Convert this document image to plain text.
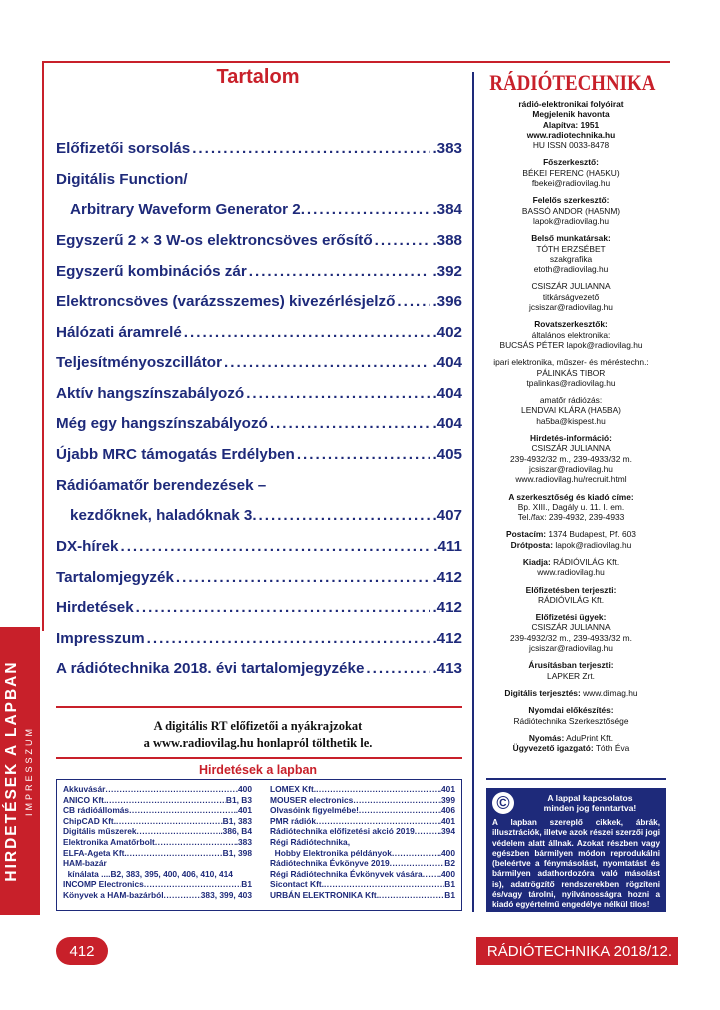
HIRDETÉSEK A LAPBAN IMPRESSZUM
Tartalom
Előfizetői sorsolás .....	.383
Digitális Function/
Arbitrary Waveform Generator 2. .....	.384
Egyszerű 2 × 3 W-os elektroncsöves erősítő .....	.388
Egyszerű kombinációs zár .....	.392
Elektroncsöves (varázsszemes) kivezérlésjelző ..... .396
Hálózati áramrelé .....	.402
Teljesítményoszcillátor .....	.404
Aktív hangszínszabályozó .....	.404
Még egy hangszínszabályozó .....	.404
Újabb MRC támogatás Erdélyben .....	.405
Rádióamatőr berendezések –
kezdőknek, haladóknak 3. .....	.407
DX-hírek .....	.411
Tartalomjegyzék .....	.412
Hirdetések .....	.412
Impresszum .....	.412
A rádiótechnika 2018. évi tartalomjegyzéke .....	.413
A digitális RT előfizetői a nyákrajzokat
a www.radiovilag.hu honlapról tölthetik le.
Hirdetések a lapban
Akkuvásár .....	.400
ANICO Kft. .....	B1, B3
CB rádióállomás .....	.401
ChipCAD Kft. .....	B1, 383
Digitális műszerek .....	.386, B4
Elektronika Amatőrbolt .....	.383
ELFA-Ageta Kft. .....	B1, 398
HAM-bazár
kínálata ....B2, 383, 395, 400, 406, 410, 414
INCOMP Electronics .....	B1
Könyvek a HAM-bazárból .....	383, 399, 403
LOMEX Kft. .....	.401
MOUSER electronics .....	.399
Olvasóink figyelmébe! .....	.406
PMR rádiók .....	.401
Rádiótechnika előfizetési akció 2019 .....	.394
Régi Rádiótechnika,
Hobby Elektronika példányok .....	.400
Rádiótechnika Évkönyve 2019 .....	B2
Régi Rádiótechnika Évkönyvek vására ..... .400
Sicontact Kft. .....	B1
URBÁN ELEKTRONIKA Kft. .....	B1
RÁDIÓTECHNIKA
rádió-elektronikai folyóirat
Megjelenik havonta
Alapítva: 1951
www.radiotechnika.hu
HU ISSN 0033-8478
Főszerkesztő:
BÉKEI FERENC (HA5KU)
fbekei@radiovilag.hu
Felelős szerkesztő:
BASSÓ ANDOR (HA5NM)
lapok@radiovilag.hu
Belső munkatársak:
TÓTH ERZSÉBET
szakgrafika
etoth@radiovilag.hu
CSISZÁR JULIANNA
titkárságvezető
jcsiszar@radiovilag.hu
Rovatszerkesztők:
általános elektronika:
BUCSÁS PÉTER lapok@radiovilag.hu
ipari elektronika, műszer- és méréstechn.:
PÁLINKÁS TIBOR
tpalinkas@radiovilag.hu
amatőr rádiózás:
LENDVAI KLÁRA (HA5BA)
ha5ba@kispest.hu
Hirdetés-információ:
CSISZÁR JULIANNA
239-4932/32 m., 239-4933/32 m.
jcsiszar@radiovilag.hu
www.radiovilag.hu/recruit.html
A szerkesztőség és kiadó címe:
Bp. XIII., Dagály u. 11. I. em.
Tel./fax: 239-4932, 239-4933
Postacím: 1374 Budapest, Pf. 603
Drótposta: lapok@radiovilag.hu
Kiadja: RÁDIÓVILÁG Kft.
www.radiovilag.hu
Előfizetésben terjeszti:
RÁDIÓVILÁG Kft.
Előfizetési ügyek:
CSISZÁR JULIANNA
239-4932/32 m., 239-4933/32 m.
jcsiszar@radiovilag.hu
Árusításban terjeszti:
LAPKER Zrt.
Digitális terjesztés: www.dimag.hu
Nyomdai előkészítés:
Rádiótechnika Szerkesztősége
Nyomás: AduPrint Kft.
Ügyvezető igazgató: Tóth Éva
©	A lappal kapcsolatos
minden jog fenntartva!
A lapban szereplő cikkek, ábrák, illusztrációk, illetve azok részei szerzői jogi védelem alatt állnak. Azokat részben vagy egészben bármilyen módon reprodukálni (beleértve a fénymásolást, nyomtatást és bármilyen adathordozóra való másolást is), adatrögzítő rendszerekben rögzíteni és/vagy tárolni, nyilvánosságra hozni a kiadó egyértelmű engedélye nélkül tilos!
412	RÁDIÓTECHNIKA 2018/12.
